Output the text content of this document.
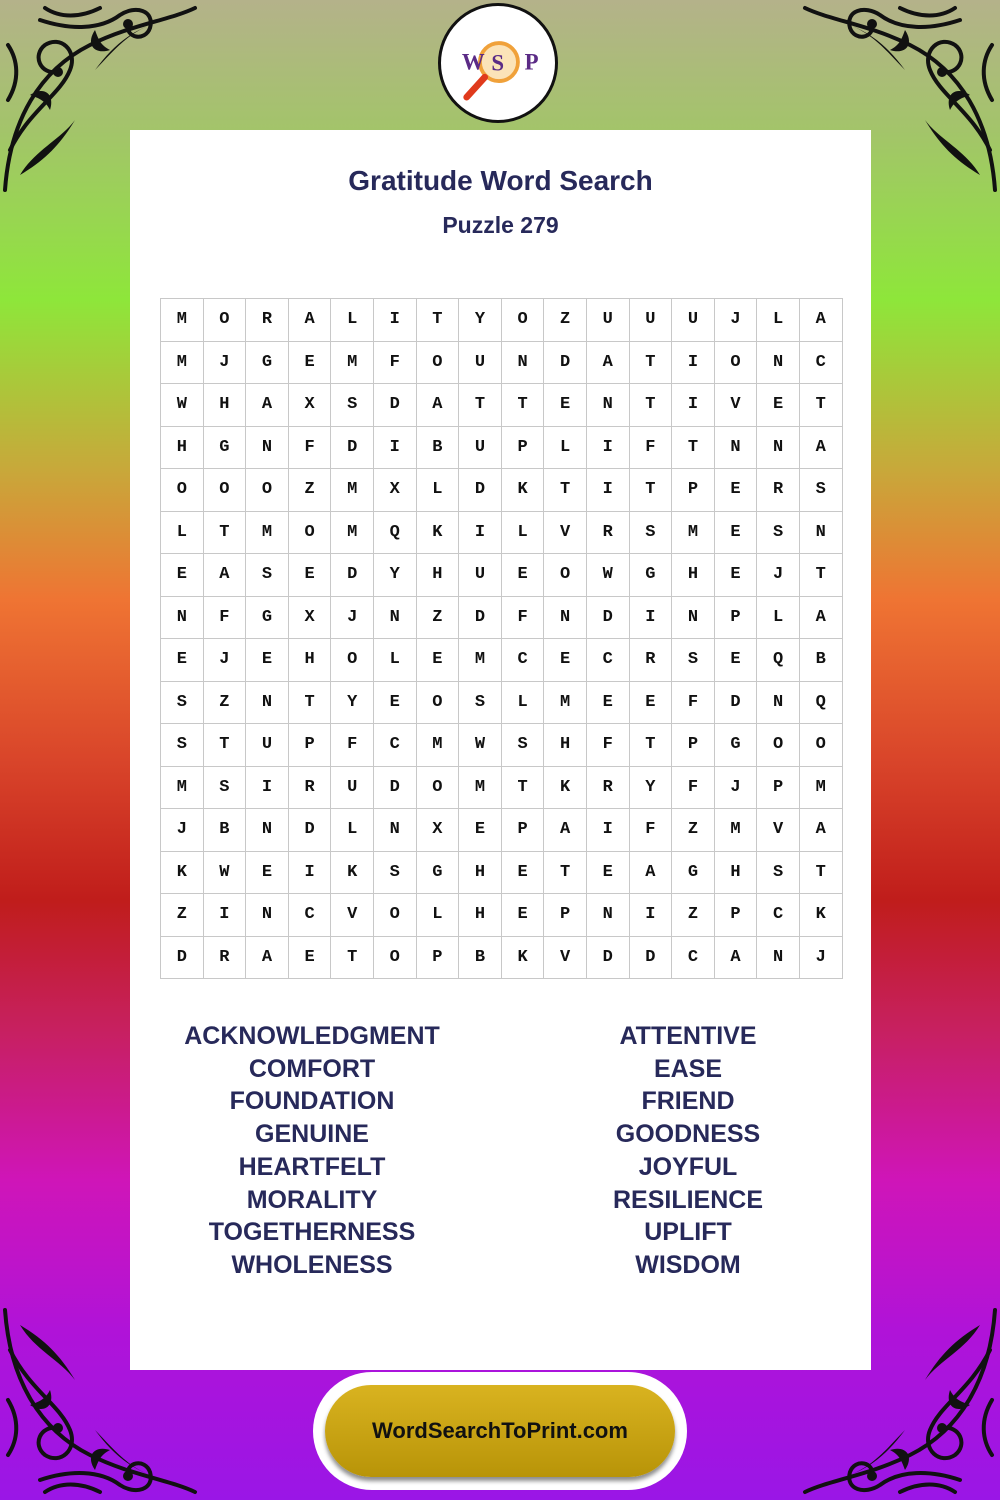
W S P
Gratitude Word Search
Puzzle 279
M	O	R	A	L	I	T	Y	O	Z	U	U	U	J	L	A
M	J	G	E	M	F	O	U	N	D	A	T	I	O	N	C
W	H	A	X	S	D	A	T	T	E	N	T	I	V	E	T
H	G	N	F	D	I	B	U	P	L	I	F	T	N	N	A
O	O	O	Z	M	X	L	D	K	T	I	T	P	E	R	S
L	T	M	O	M	Q	K	I	L	V	R	S	M	E	S	N
E	A	S	E	D	Y	H	U	E	O	W	G	H	E	J	T
N	F	G	X	J	N	Z	D	F	N	D	I	N	P	L	A
E	J	E	H	O	L	E	M	C	E	C	R	S	E	Q	B
S	Z	N	T	Y	E	O	S	L	M	E	E	F	D	N	Q
S	T	U	P	F	C	M	W	S	H	F	T	P	G	O	O
M	S	I	R	U	D	O	M	T	K	R	Y	F	J	P	M
J	B	N	D	L	N	X	E	P	A	I	F	Z	M	V	A
K	W	E	I	K	S	G	H	E	T	E	A	G	H	S	T
Z	I	N	C	V	O	L	H	E	P	N	I	Z	P	C	K
D	R	A	E	T	O	P	B	K	V	D	D	C	A	N	J
ACKNOWLEDGMENT
COMFORT
FOUNDATION
GENUINE
HEARTFELT
MORALITY
TOGETHERNESS
WHOLENESS
ATTENTIVE
EASE
FRIEND
GOODNESS
JOYFUL
RESILIENCE
UPLIFT
WISDOM
WordSearchToPrint.com
